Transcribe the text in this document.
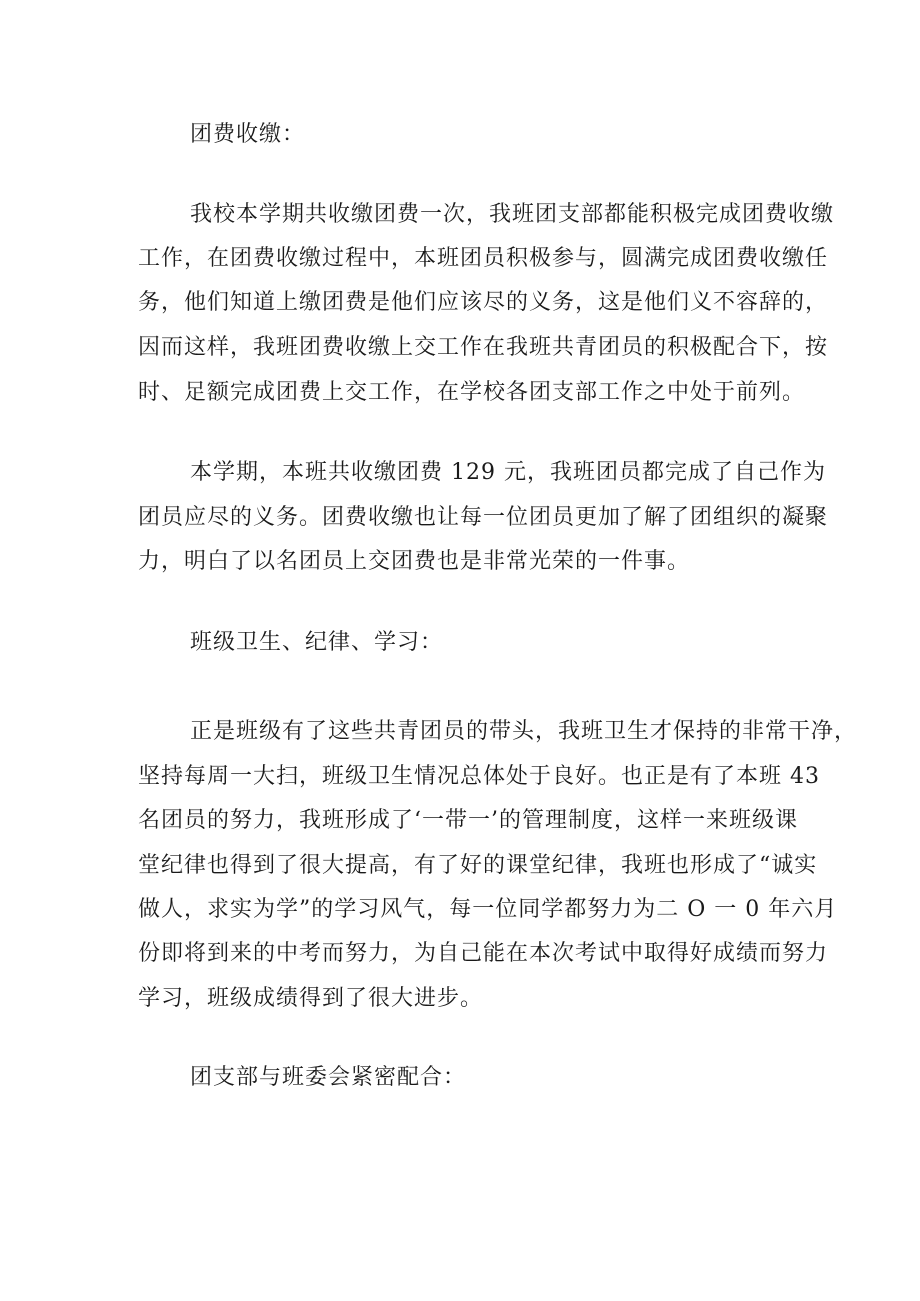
团费收缴：
我校本学期共收缴团费一次，我班团支部都能积极完成团费收缴
工作，在团费收缴过程中，本班团员积极参与，圆满完成团费收缴任
务，他们知道上缴团费是他们应该尽的义务，这是他们义不容辞的，
因而这样，我班团费收缴上交工作在我班共青团员的积极配合下，按
时、足额完成团费上交工作，在学校各团支部工作之中处于前列。
本学期，本班共收缴团费 129 元，我班团员都完成了自己作为
团员应尽的义务。团费收缴也让每一位团员更加了解了团组织的凝聚
力，明白了以名团员上交团费也是非常光荣的一件事。
班级卫生、纪律、学习：
正是班级有了这些共青团员的带头，我班卫生才保持的非常干净，
坚持每周一大扫，班级卫生情况总体处于良好。也正是有了本班 43
名团员的努力，我班形成了‘一带一’的管理制度，这样一来班级课
堂纪律也得到了很大提高，有了好的课堂纪律，我班也形成了“诚实
做人，求实为学”的学习风气，每一位同学都努力为二 O 一 0 年六月
份即将到来的中考而努力，为自己能在本次考试中取得好成绩而努力
学习，班级成绩得到了很大进步。
团支部与班委会紧密配合：
